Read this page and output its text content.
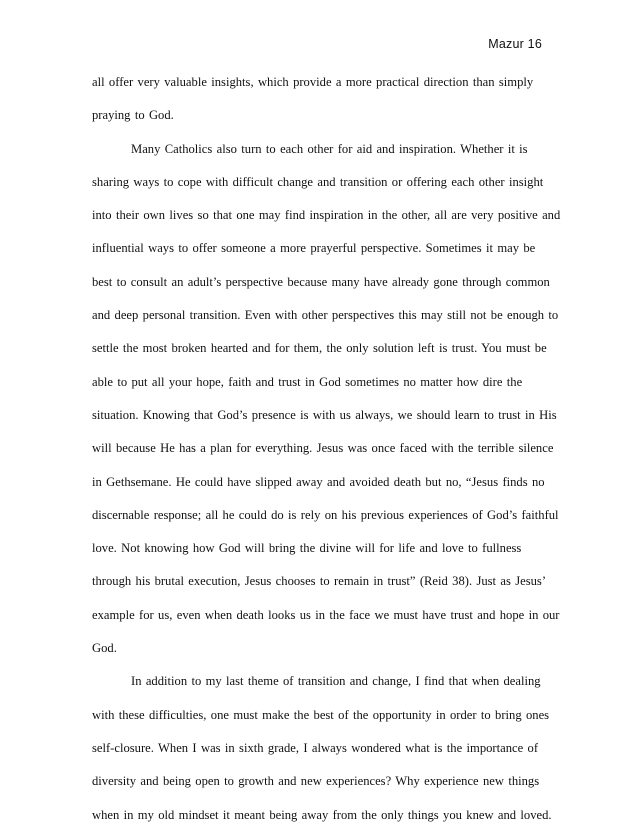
Mazur 16
all offer very valuable insights, which provide a more practical direction than simply
praying to God.
Many Catholics also turn to each other for aid and inspiration. Whether it is
sharing ways to cope with difficult change and transition or offering each other insight
into their own lives so that one may find inspiration in the other, all are very positive and
influential ways to offer someone a more prayerful perspective. Sometimes it may be
best to consult an adult’s perspective because many have already gone through common
and deep personal transition. Even with other perspectives this may still not be enough to
settle the most broken hearted and for them, the only solution left is trust. You must be
able to put all your hope, faith and trust in God sometimes no matter how dire the
situation. Knowing that God’s presence is with us always, we should learn to trust in His
will because He has a plan for everything. Jesus was once faced with the terrible silence
in Gethsemane. He could have slipped away and avoided death but no, “Jesus finds no
discernable response; all he could do is rely on his previous experiences of God’s faithful
love. Not knowing how God will bring the divine will for life and love to fullness
through his brutal execution, Jesus chooses to remain in trust” (Reid 38). Just as Jesus’
example for us, even when death looks us in the face we must have trust and hope in our
God.
In addition to my last theme of transition and change, I find that when dealing
with these difficulties, one must make the best of the opportunity in order to bring ones
self-closure. When I was in sixth grade, I always wondered what is the importance of
diversity and being open to growth and new experiences? Why experience new things
when in my old mindset it meant being away from the only things you knew and loved.
